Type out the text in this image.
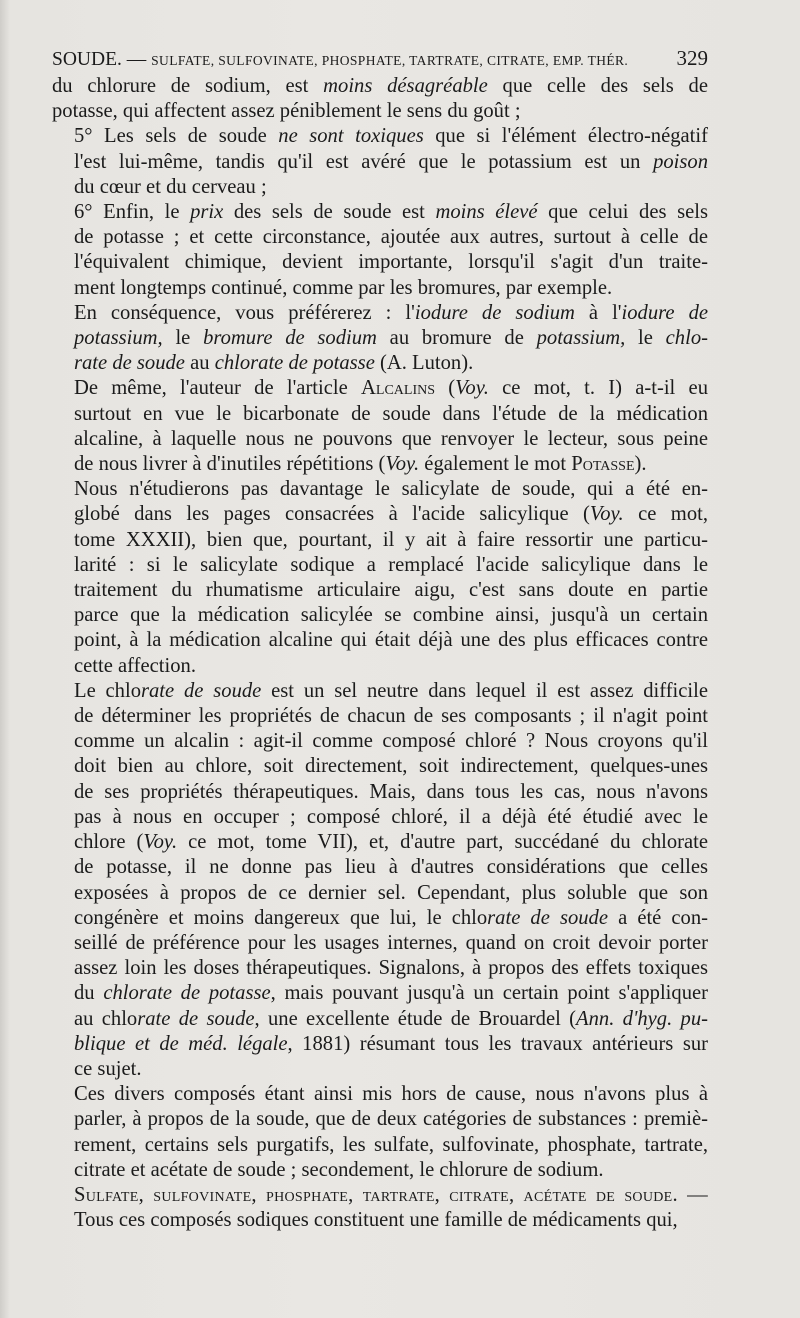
SOUDE. — SULFATE, SULFOVINATE, PHOSPHATE, TARTRATE, CITRATE, EMP. THÉR. 329

du chlorure de sodium, est moins désagréable que celle des sels de
potasse, qui affectent assez péniblement le sens du goût ;

5° Les sels de soude ne sont toxiques que si l'élément électro-négatif
l'est lui-même, tandis qu'il est avéré que le potassium est un poison
du cœur et du cerveau ;

6° Enfin, le prix des sels de soude est moins élevé que celui des sels
de potasse ; et cette circonstance, ajoutée aux autres, surtout à celle de
l'équivalent chimique, devient importante, lorsqu'il s'agit d'un traite-
ment longtemps continué, comme par les bromures, par exemple.

En conséquence, vous préférerez : l'iodure de sodium à l'iodure de
potassium, le bromure de sodium au bromure de potassium, le chlo-
rate de soude au chlorate de potasse (A. Luton).

De même, l'auteur de l'article Alcalins (Voy. ce mot, t. I) a-t-il eu
surtout en vue le bicarbonate de soude dans l'étude de la médication
alcaline, à laquelle nous ne pouvons que renvoyer le lecteur, sous peine
de nous livrer à d'inutiles répétitions (Voy. également le mot Potasse).

Nous n'étudierons pas davantage le salicylate de soude, qui a été en-
globé dans les pages consacrées à l'acide salicylique (Voy. ce mot,
tome XXXII), bien que, pourtant, il y ait à faire ressortir une particu-
larité : si le salicylate sodique a remplacé l'acide salicylique dans le
traitement du rhumatisme articulaire aigu, c'est sans doute en partie
parce que la médication salicylée se combine ainsi, jusqu'à un certain
point, à la médication alcaline qui était déjà une des plus efficaces contre
cette affection.

Le chlorate de soude est un sel neutre dans lequel il est assez difficile
de déterminer les propriétés de chacun de ses composants ; il n'agit point
comme un alcalin : agit-il comme composé chloré ? Nous croyons qu'il
doit bien au chlore, soit directement, soit indirectement, quelques-unes
de ses propriétés thérapeutiques. Mais, dans tous les cas, nous n'avons
pas à nous en occuper ; composé chloré, il a déjà été étudié avec le
chlore (Voy. ce mot, tome VII), et, d'autre part, succédané du chlorate
de potasse, il ne donne pas lieu à d'autres considérations que celles
exposées à propos de ce dernier sel. Cependant, plus soluble que son
congénère et moins dangereux que lui, le chlorate de soude a été con-
seillé de préférence pour les usages internes, quand on croit devoir porter
assez loin les doses thérapeutiques. Signalons, à propos des effets toxiques
du chlorate de potasse, mais pouvant jusqu'à un certain point s'appliquer
au chlorate de soude, une excellente étude de Brouardel (Ann. d'hyg. pu-
blique et de méd. légale, 1881) résumant tous les travaux antérieurs sur
ce sujet.

Ces divers composés étant ainsi mis hors de cause, nous n'avons plus à
parler, à propos de la soude, que de deux catégories de substances : premiè-
rement, certains sels purgatifs, les sulfate, sulfovinate, phosphate, tartrate,
citrate et acétate de soude ; secondement, le chlorure de sodium.

Sulfate, sulfovinate, phosphate, tartrate, citrate, acétate de soude. —
Tous ces composés sodiques constituent une famille de médicaments qui,
